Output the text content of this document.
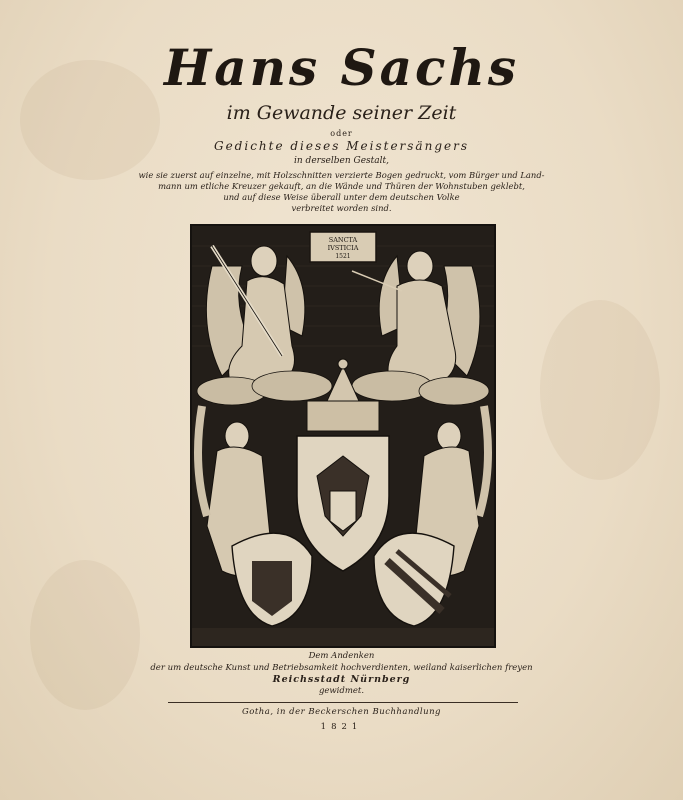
Hans Sachs
im Gewande seiner Zeit
oder
Gedichte dieses Meistersängers
in derselben Gestalt,
wie sie zuerst auf einzelne, mit Holzschnitten verzierte Bogen gedruckt, vom Bürger und Land-
mann um etliche Kreuzer gekauft, an die Wände und Thüren der Wohnstuben geklebt,
und auf diese Weise überall unter dem deutschen Volke
verbreitet worden sind.
SANCTA
IVSTICIA
1521
Dem Andenken
der um deutsche Kunst und Betriebsamkeit hochverdienten, weiland kaiserlichen freyen
Reichsstadt Nürnberg
gewidmet.
Gotha, in der Beckerschen Buchhandlung
1821
